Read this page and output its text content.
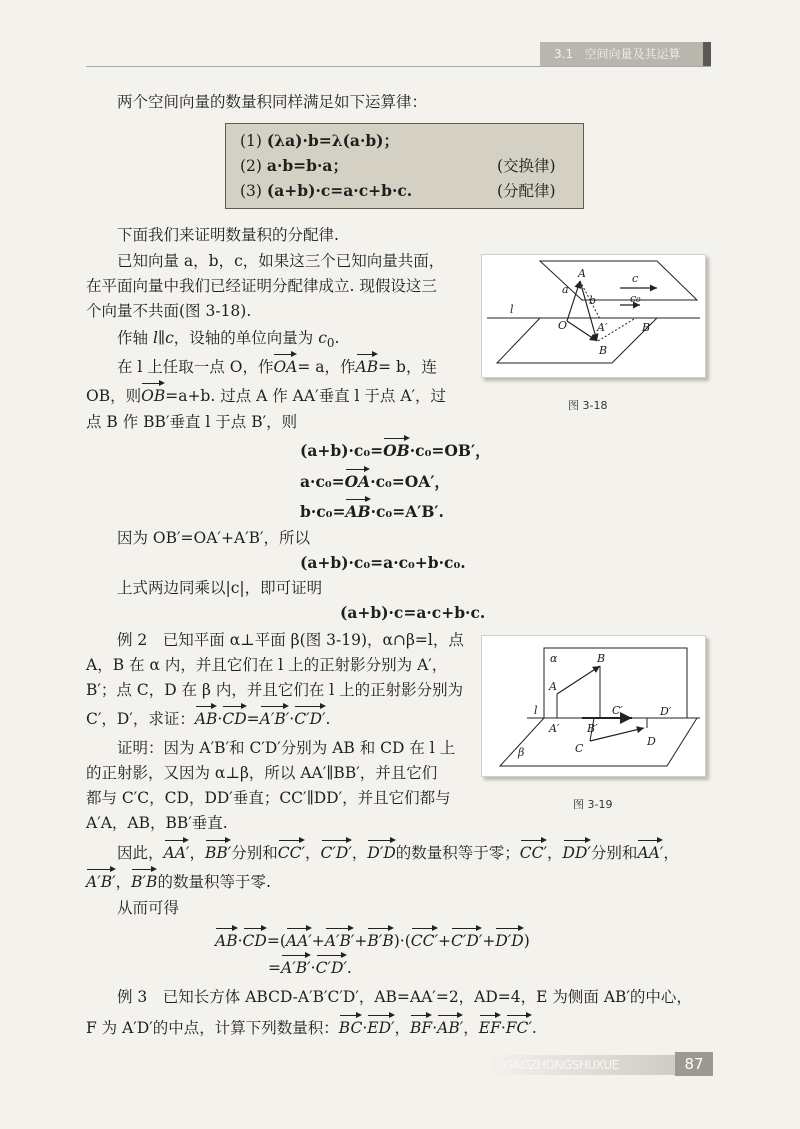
3.1 空间向量及其运算
两个空间向量的数量积同样满足如下运算律：
(1) (λa)·b=λ(a·b)；
(2) a·b=b·a；	(交换律)
(3) (a+b)·c=a·c+b·c.	(分配律)
下面我们来证明数量积的分配律.
已知向量 a，b，c，如果这三个已知向量共面，
在平面向量中我们已经证明分配律成立. 现假设这三
个向量不共面(图 3-18).
作轴 l∥c，设轴的单位向量为 $c_0$.
在 l 上任取一点 O，作OA= a，作AB= b，连
OB，则OB=a+b. 过点 A 作 AA′垂直 l 于点 A′，过
点 B 作 BB′垂直 l 于点 B′，则
(a+b)·c₀=OB·c₀=OB′，
a·c₀=OA·c₀=OA′，
b·c₀=AB·c₀=A′B′.
因为 OB′=OA′+A′B′，所以
(a+b)·c₀=a·c₀+b·c₀.
上式两边同乘以|c|，即可证明
(a+b)·c=a·c+b·c.
例 2　已知平面 α⊥平面 β(图 3-19)，α∩β=l，点
A，B 在 α 内，并且它们在 l 上的正射影分别为 A′，
B′；点 C，D 在 β 内，并且它们在 l 上的正射影分别为
C′，D′，求证：AB·CD=A′B′·C′D′.
证明：因为 A′B′和 C′D′分别为 AB 和 CD 在 l 上
的正射影，又因为 α⊥β，所以 AA′∥BB′，并且它们
都与 C′C，CD，DD′垂直；CC′∥DD′，并且它们都与
A′A，AB，BB′垂直.
因此，AA′，BB′分别和CC′，C′D′，D′D的数量积等于零；CC′，DD′分别和AA′，
A′B′，B′B的数量积等于零.
从而可得
AB·CD=(AA′+A′B′+B′B)·(CC′+C′D′+D′D)
=A′B′·C′D′.
例 3　已知长方体 ABCD-A′B′C′D′，AB=AA′=2，AD=4，E 为侧面 AB′的中心，
F 为 A′D′的中点，计算下列数量积：BC·ED′，BF·AB′，EF·FC′.
A
a
b
c
c₀
l
O	A′	B′
B
图 3-18
α	B
A
l	C′	D′
A′	B′
β	C
D
图 3-19
GAOZHONGSHUXUE	87
